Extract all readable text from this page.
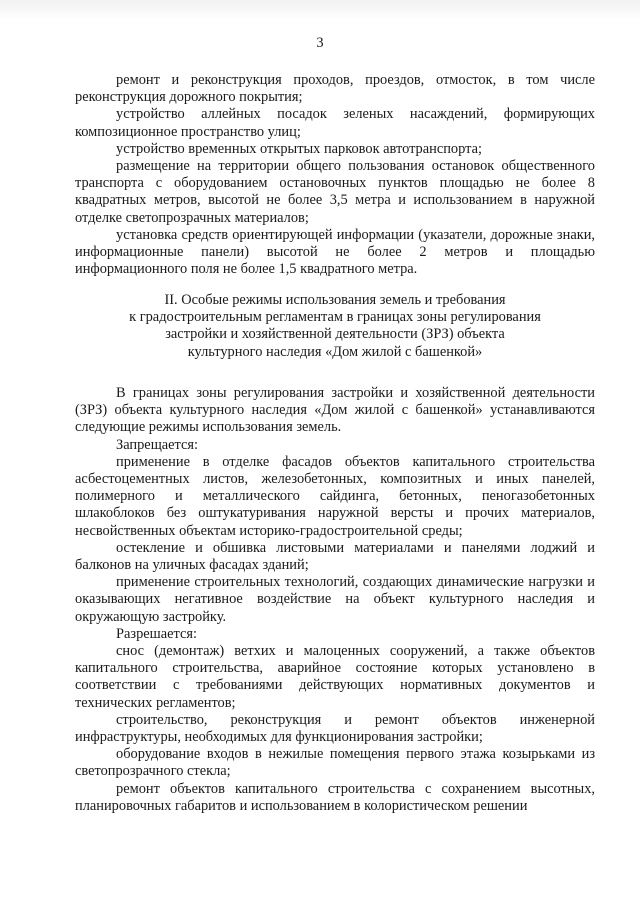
3

ремонт и реконструкция проходов, проездов, отмосток, в том числе реконструкция дорожного покрытия;

устройство аллейных посадок зеленых насаждений, формирующих композиционное пространство улиц;

устройство временных открытых парковок автотранспорта;

размещение на территории общего пользования остановок общественного транспорта с оборудованием остановочных пунктов площадью не более 8 квадратных метров, высотой не более 3,5 метра и использованием в наружной отделке светопрозрачных материалов;

установка средств ориентирующей информации (указатели, дорожные знаки, информационные панели) высотой не более 2 метров и площадью информационного поля не более 1,5 квадратного метра.

II. Особые режимы использования земель и требования
к градостроительным регламентам в границах зоны регулирования
застройки и хозяйственной деятельности (ЗРЗ) объекта
культурного наследия «Дом жилой с башенкой»

В границах зоны регулирования застройки и хозяйственной деятельности (ЗРЗ) объекта культурного наследия «Дом жилой с башенкой» устанавливаются следующие режимы использования земель.

Запрещается:

применение в отделке фасадов объектов капитального строительства асбестоцементных листов, железобетонных, композитных и иных панелей, полимерного и металлического сайдинга, бетонных, пеногазобетонных шлакоблоков без оштукатуривания наружной версты и прочих материалов, несвойственных объектам историко-градостроительной среды;

остекление и обшивка листовыми материалами и панелями лоджий и балконов на уличных фасадах зданий;

применение строительных технологий, создающих динамические нагрузки и оказывающих негативное воздействие на объект культурного наследия и окружающую застройку.

Разрешается:

снос (демонтаж) ветхих и малоценных сооружений, а также объектов капитального строительства, аварийное состояние которых установлено в соответствии с требованиями действующих нормативных документов и технических регламентов;

строительство, реконструкция и ремонт объектов инженерной инфраструктуры, необходимых для функционирования застройки;

оборудование входов в нежилые помещения первого этажа козырьками из светопрозрачного стекла;

ремонт объектов капитального строительства с сохранением высотных, планировочных габаритов и использованием в колористическом решении
